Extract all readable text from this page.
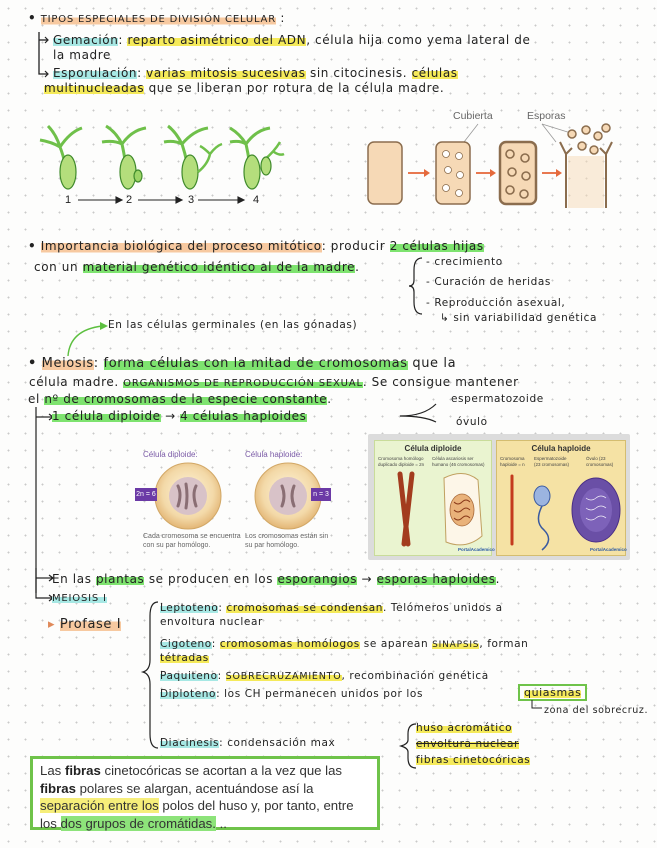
• TIPOS ESPECIALES DE DIVISIÓN CELULAR :
Gemación: reparto asimétrico del ADN, célula hija como yema lateral de
la madre
Esporulación: varias mitosis sucesivas sin citocinesis. células
multinucleadas que se liberan por rotura de la célula madre.
1	2	3	4
Cubierta	Esporas
• Importancia biológica del proceso mitótico: producir 2 células hijas
con un material genético idéntico al de la madre.	- crecimiento
- Curación de heridas
- Reproducción asexual,
↳ sin variabilidad genética
En las células germinales (en las gónadas)
• Meiosis: forma células con la mitad de cromosomas que la
célula madre. ORGANISMOS DE REPRODUCCIÓN SEXUAL. Se consigue mantener
el nº de cromosomas de la especie constante.
1 célula diploide → 4 células haploides
espermatozoide
óvulo
Célula diploide:	Célula haploide:
2n = 6	n = 3
Cada cromosoma se encuentra con su par homólogo.
Los cromosomas están sin su par homólogo.
Célula diploide	Célula haploide
Cromosoma homólogo duplicado diploide = 2n
Célula ascariosis ser humano (46 cromosomas)
Cromosoma haploide = n
Espermatozoide (23 cromosomas)
Óvulo (23 cromosomas)
PortalAcademico	PortalAcademico
En las plantas se producen en los esporangios → esporas haploides.
MEIOSIS I
▸ Profase I
Leptoteno: cromosomas se condensan. Telómeros unidos a
envoltura nuclear
Cigoteno: cromosomas homólogos se aparean SINAPSIS, forman
tétradas
Paquiteno: SOBRECRUZAMIENTO, recombinación genética
Diploteno: los CH permanecen unidos por los	quiasmas
zona del sobrecruz.
Diacinesis: condensación max
huso acromático
envoltura nuclear
fibras cinetocóricas
Las fibras cinetocóricas se acortan a la vez que las
fibras polares se alargan, acentuándose así la
separación entre los polos del huso y, por tanto, entre
los dos grupos de cromátidas. ..
